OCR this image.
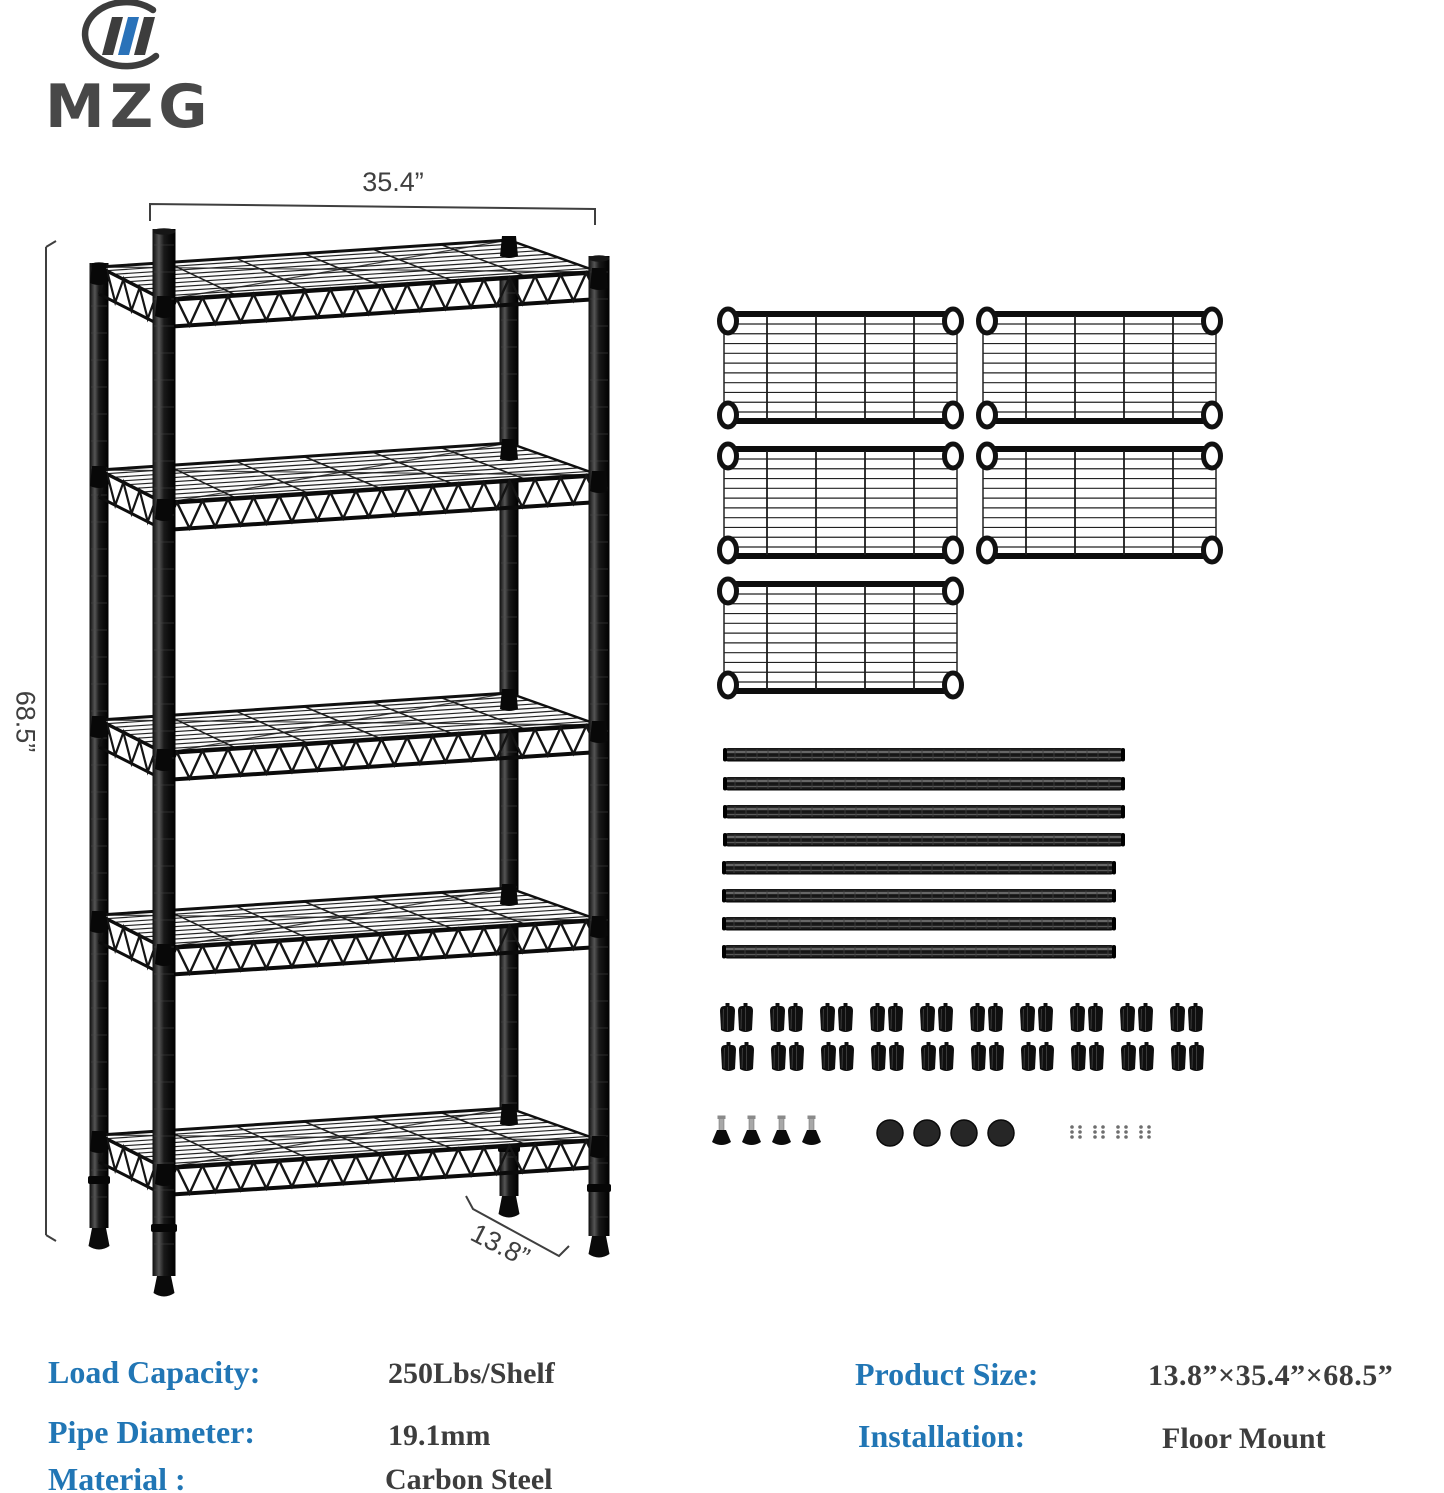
MZG
35.4”
68.5”
13.8”
Load Capacity:	250Lbs/Shelf
Pipe Diameter:	19.1mm
Material :	Carbon Steel
Product Size:	13.8”×35.4”×68.5”
Installation:	Floor Mount
